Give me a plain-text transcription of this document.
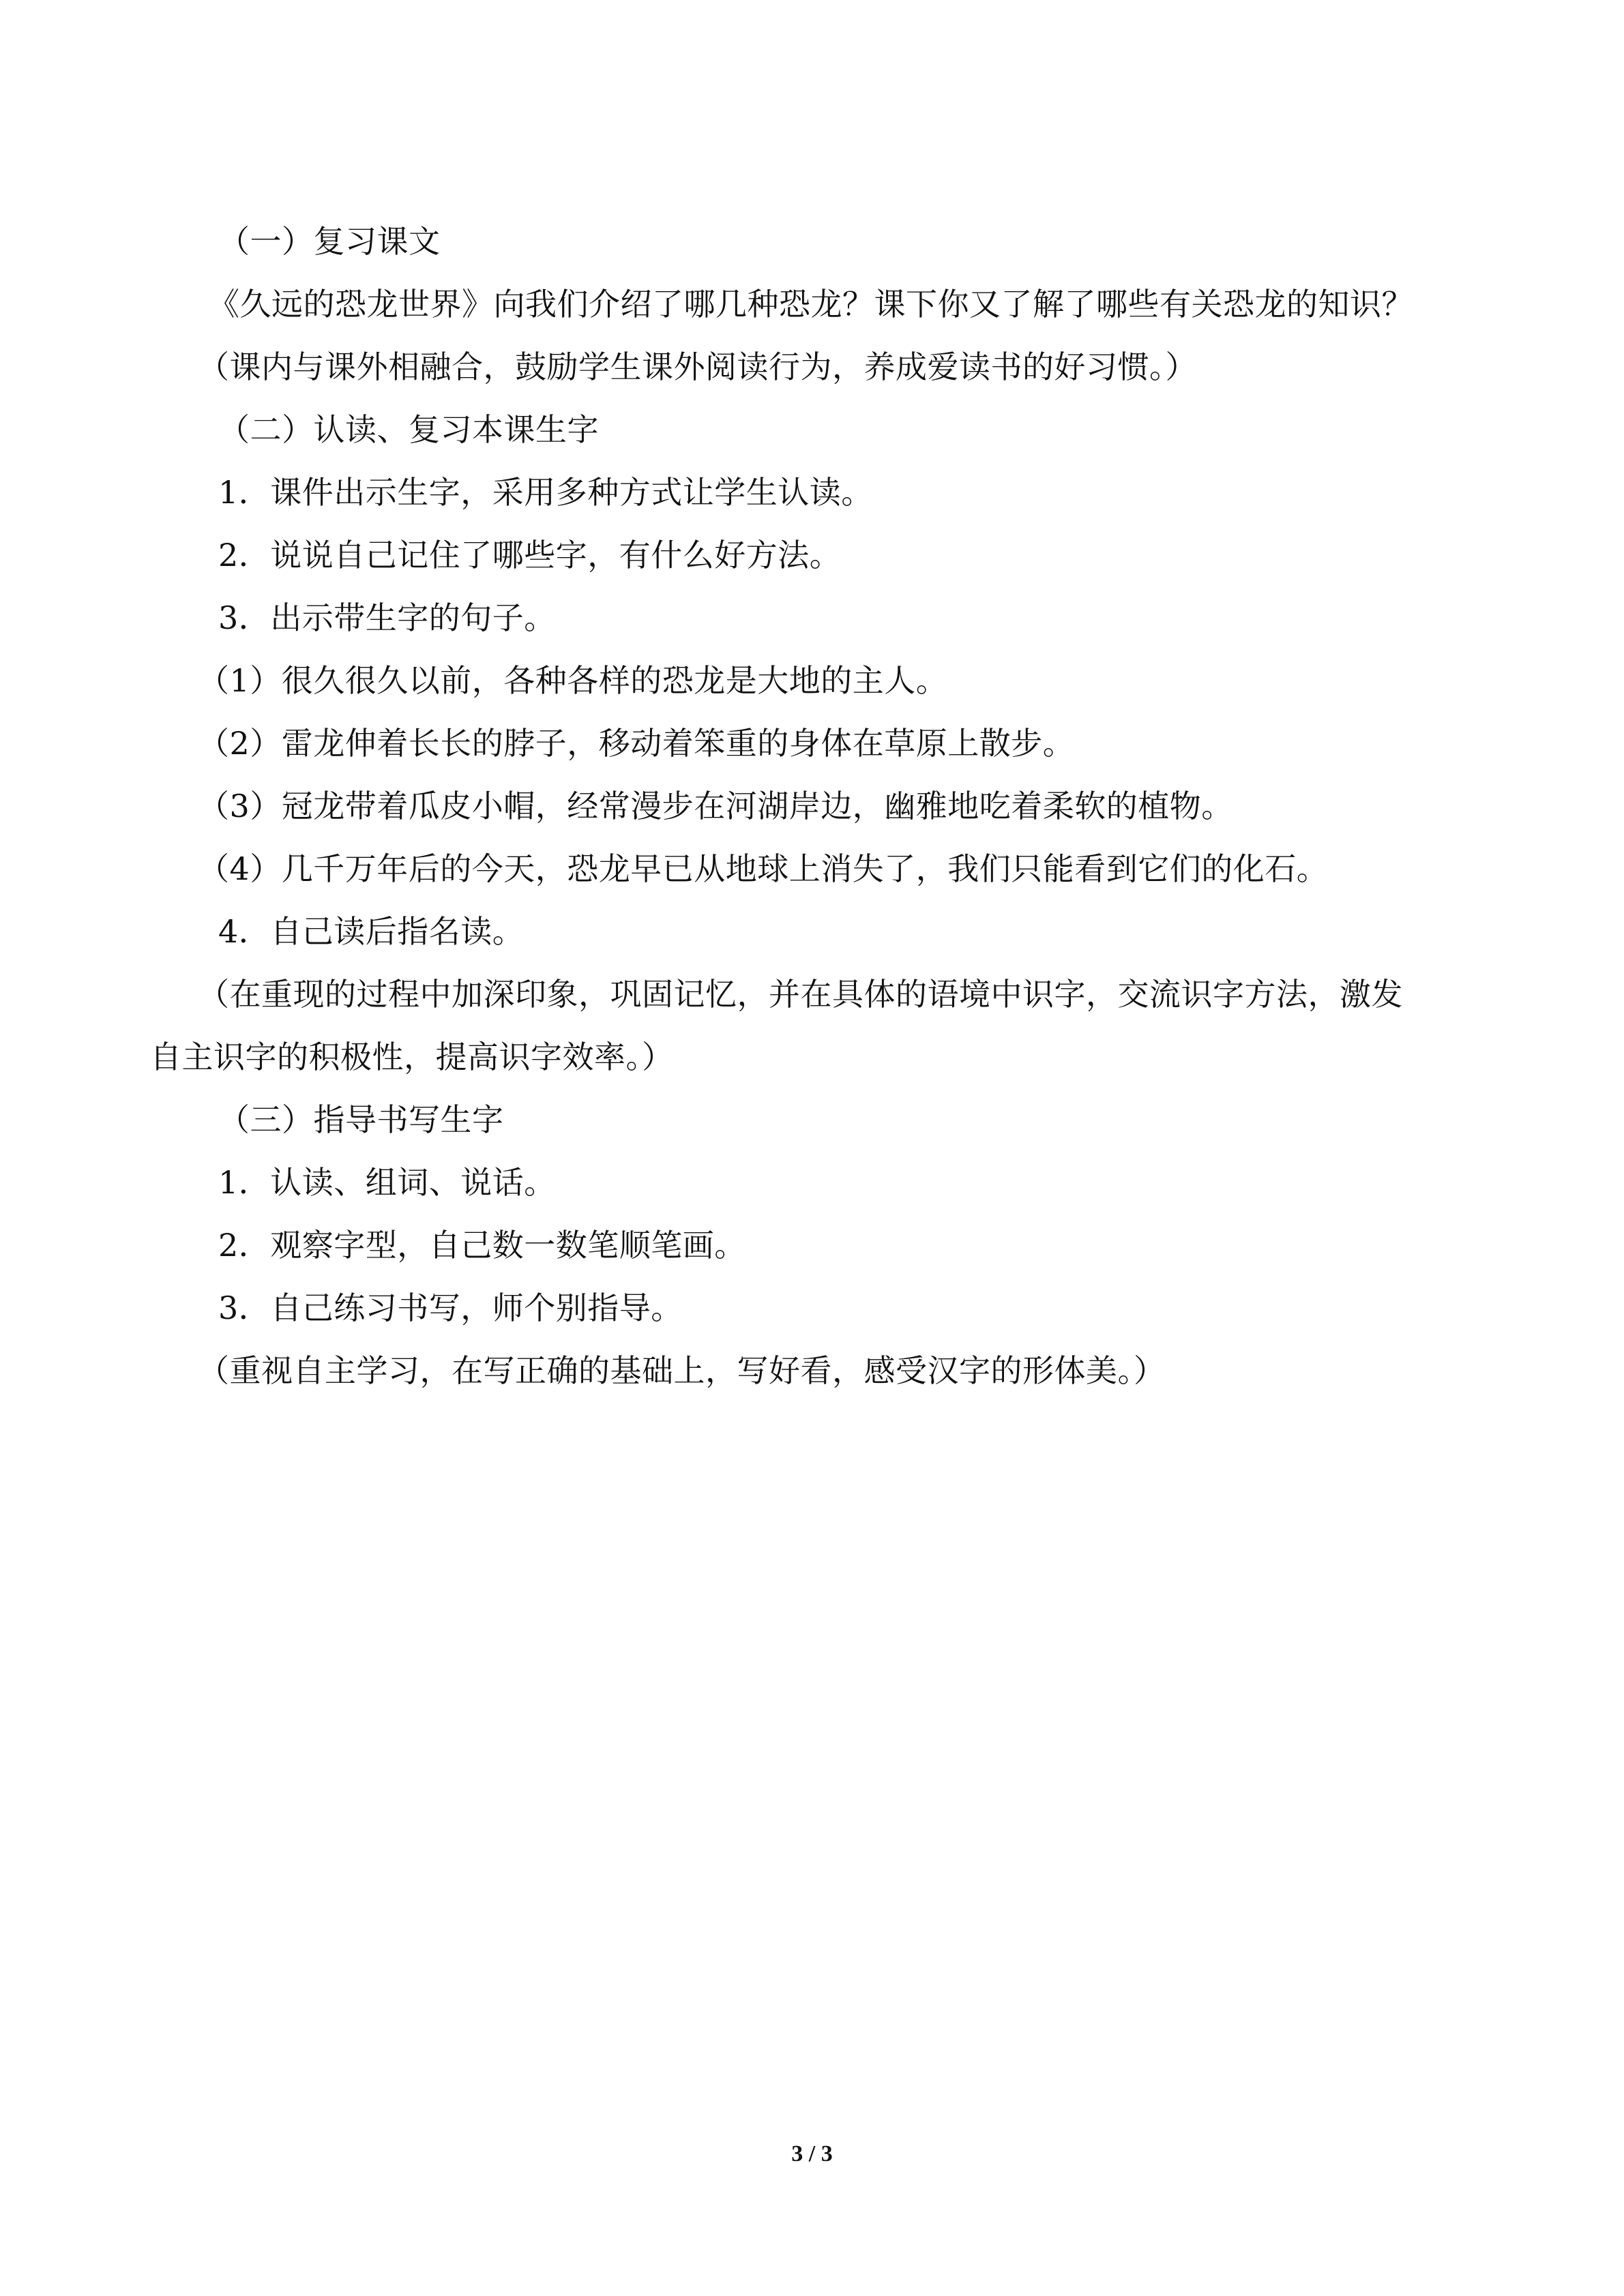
（一）复习课文
《久远的恐龙世界》向我们介绍了哪几种恐龙？课下你又了解了哪些有关恐龙的知识？
（课内与课外相融合，鼓励学生课外阅读行为，养成爱读书的好习惯。）
（二）认读、复习本课生字
1．课件出示生字，采用多种方式让学生认读。
2．说说自己记住了哪些字，有什么好方法。
3．出示带生字的句子。
（1）很久很久以前，各种各样的恐龙是大地的主人。
（2）雷龙伸着长长的脖子，移动着笨重的身体在草原上散步。
（3）冠龙带着瓜皮小帽，经常漫步在河湖岸边，幽雅地吃着柔软的植物。
（4）几千万年后的今天，恐龙早已从地球上消失了，我们只能看到它们的化石。
4．自己读后指名读。
（在重现的过程中加深印象，巩固记忆，并在具体的语境中识字，交流识字方法，激发
自主识字的积极性，提高识字效率。）
（三）指导书写生字
1．认读、组词、说话。
2．观察字型，自己数一数笔顺笔画。
3．自己练习书写，师个别指导。
（重视自主学习，在写正确的基础上，写好看，感受汉字的形体美。）
3 / 3
